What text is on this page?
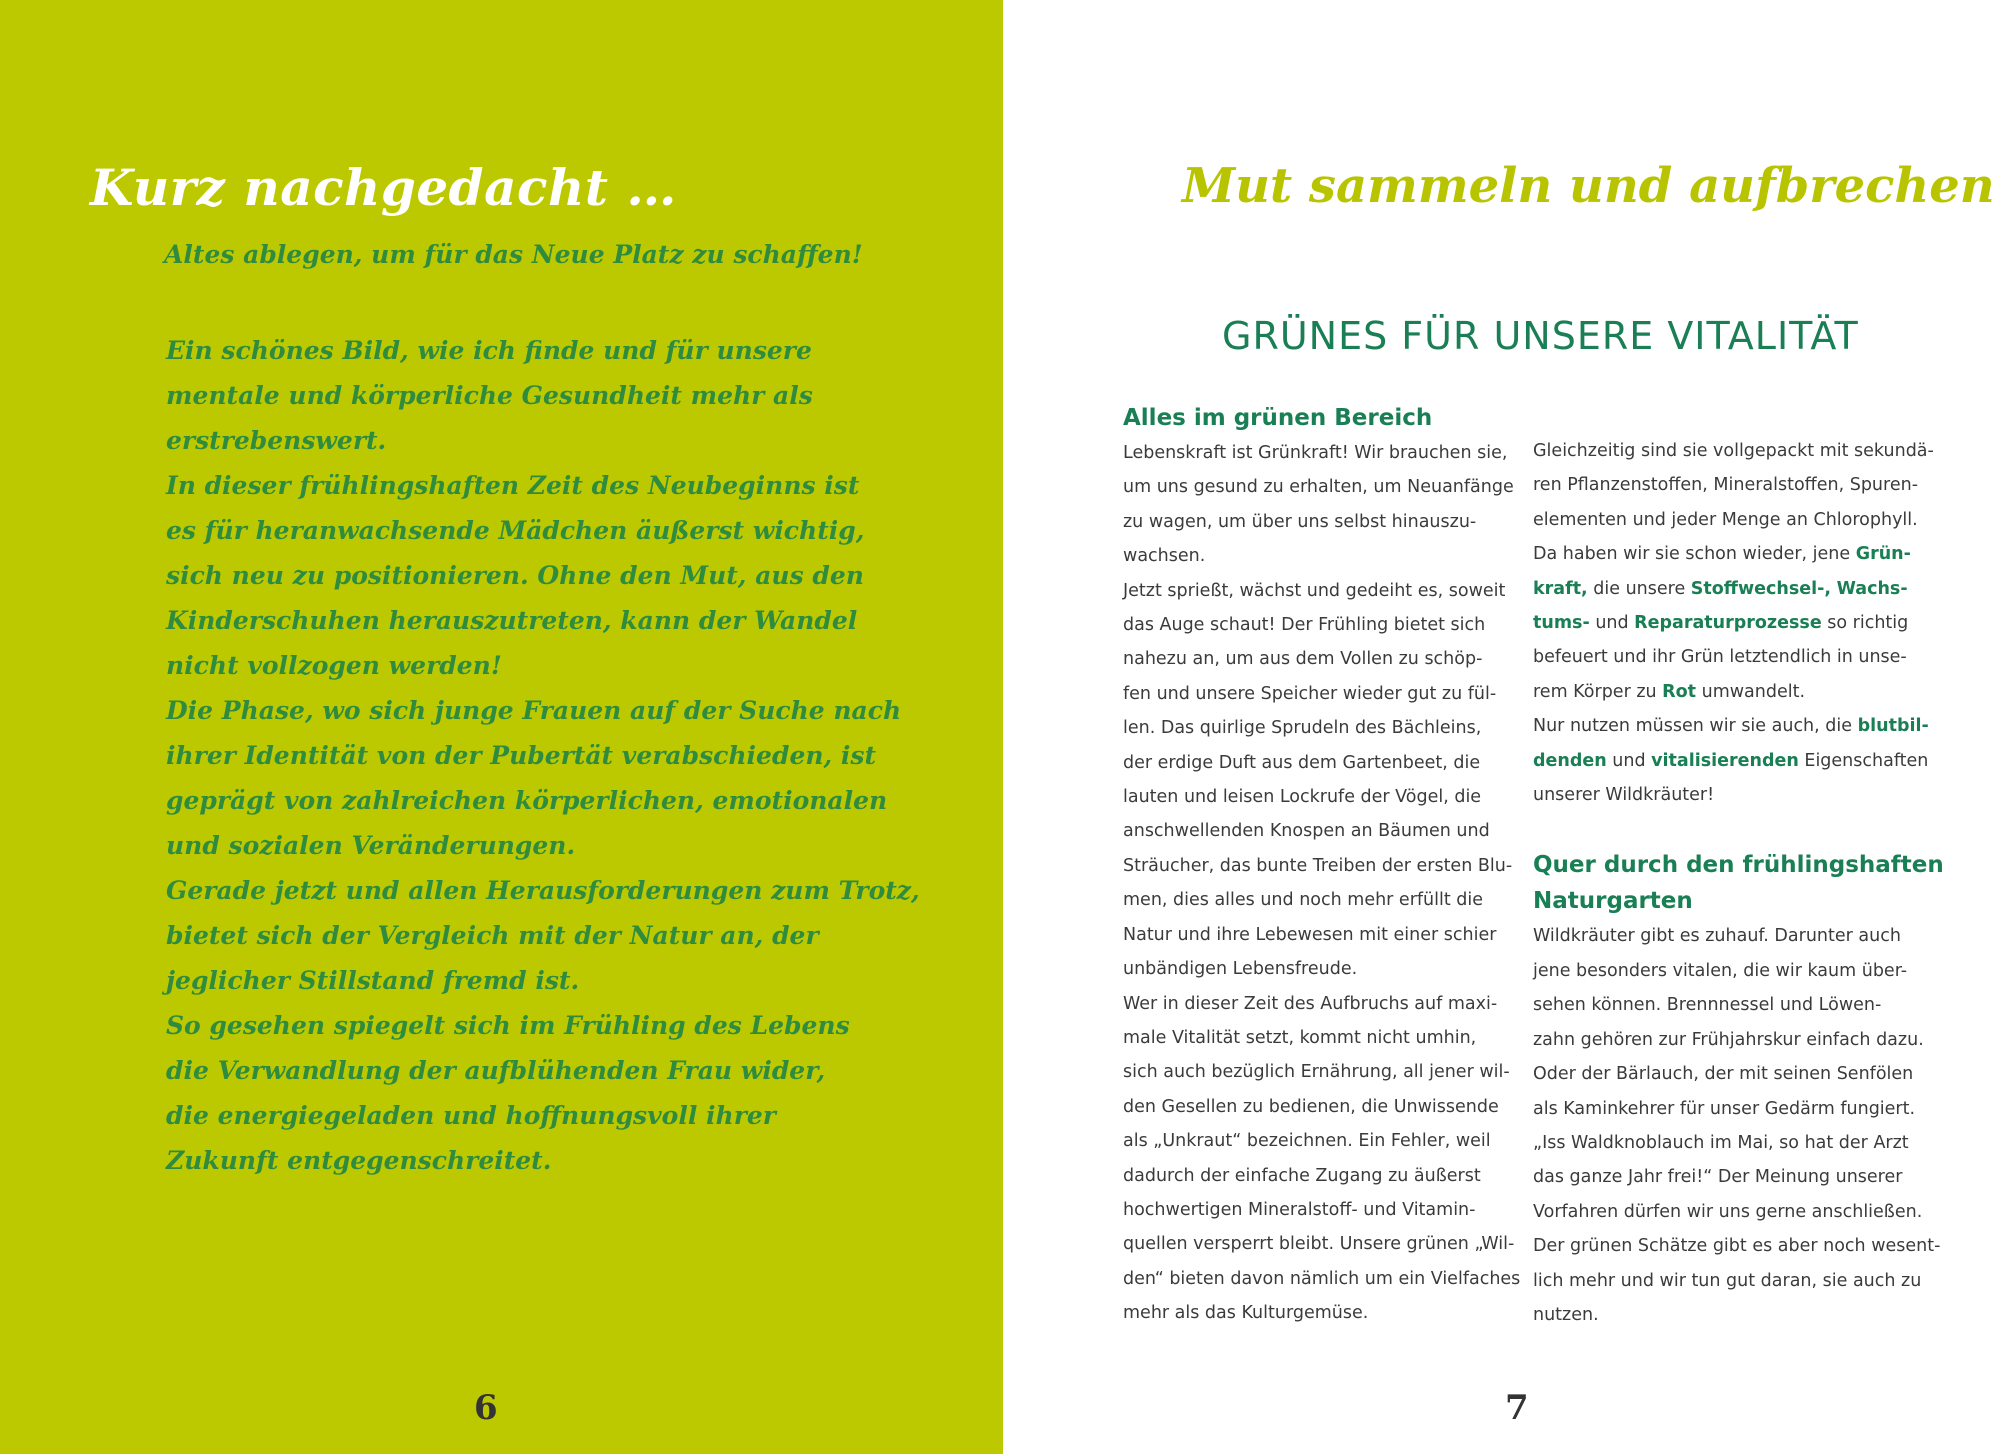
Kurz nachgedacht …
Altes ablegen, um für das Neue Platz zu schaffen!
Ein schönes Bild, wie ich finde und für unsere
mentale und körperliche Gesundheit mehr als
erstrebenswert.
In dieser frühlingshaften Zeit des Neubeginns ist
es für heranwachsende Mädchen äußerst wichtig,
sich neu zu positionieren. Ohne den Mut, aus den
Kinderschuhen herauszutreten, kann der Wandel
nicht vollzogen werden!
Die Phase, wo sich junge Frauen auf der Suche nach
ihrer Identität von der Pubertät verabschieden, ist
geprägt von zahlreichen körperlichen, emotionalen
und sozialen Veränderungen.
Gerade jetzt und allen Herausforderungen zum Trotz,
bietet sich der Vergleich mit der Natur an, der
jeglicher Stillstand fremd ist.
So gesehen spiegelt sich im Frühling des Lebens
die Verwandlung der aufblühenden Frau wider,
die energiegeladen und hoffnungsvoll ihrer
Zukunft entgegenschreitet.
6
Mut sammeln und aufbrechen
GRÜNES FÜR UNSERE VITALITÄT
Alles im grünen Bereich
Lebenskraft ist Grünkraft! Wir brauchen sie,
um uns gesund zu erhalten, um Neuanfänge
zu wagen, um über uns selbst hinauszu-
wachsen.
Jetzt sprießt, wächst und gedeiht es, soweit
das Auge schaut! Der Frühling bietet sich
nahezu an, um aus dem Vollen zu schöp-
fen und unsere Speicher wieder gut zu fül-
len. Das quirlige Sprudeln des Bächleins,
der erdige Duft aus dem Gartenbeet, die
lauten und leisen Lockrufe der Vögel, die
anschwellenden Knospen an Bäumen und
Sträucher, das bunte Treiben der ersten Blu-
men, dies alles und noch mehr erfüllt die
Natur und ihre Lebewesen mit einer schier
unbändigen Lebensfreude.
Wer in dieser Zeit des Aufbruchs auf maxi-
male Vitalität setzt, kommt nicht umhin,
sich auch bezüglich Ernährung, all jener wil-
den Gesellen zu bedienen, die Unwissende
als „Unkraut“ bezeichnen. Ein Fehler, weil
dadurch der einfache Zugang zu äußerst
hochwertigen Mineralstoff- und Vitamin-
quellen versperrt bleibt. Unsere grünen „Wil-
den“ bieten davon nämlich um ein Vielfaches
mehr als das Kulturgemüse.
Gleichzeitig sind sie vollgepackt mit sekundä-
ren Pflanzenstoffen, Mineralstoffen, Spuren-
elementen und jeder Menge an Chlorophyll.
Da haben wir sie schon wieder, jene Grün-
kraft, die unsere Stoffwechsel-, Wachs-
tums- und Reparaturprozesse so richtig
befeuert und ihr Grün letztendlich in unse-
rem Körper zu Rot umwandelt.
Nur nutzen müssen wir sie auch, die blutbil-
denden und vitalisierenden Eigenschaften
unserer Wildkräuter!
Quer durch den frühlingshaften
Naturgarten
Wildkräuter gibt es zuhauf. Darunter auch
jene besonders vitalen, die wir kaum über-
sehen können. Brennnessel und Löwen-
zahn gehören zur Frühjahrskur einfach dazu.
Oder der Bärlauch, der mit seinen Senfölen
als Kaminkehrer für unser Gedärm fungiert.
„Iss Waldknoblauch im Mai, so hat der Arzt
das ganze Jahr frei!“ Der Meinung unserer
Vorfahren dürfen wir uns gerne anschließen.
Der grünen Schätze gibt es aber noch wesent-
lich mehr und wir tun gut daran, sie auch zu
nutzen.
7
